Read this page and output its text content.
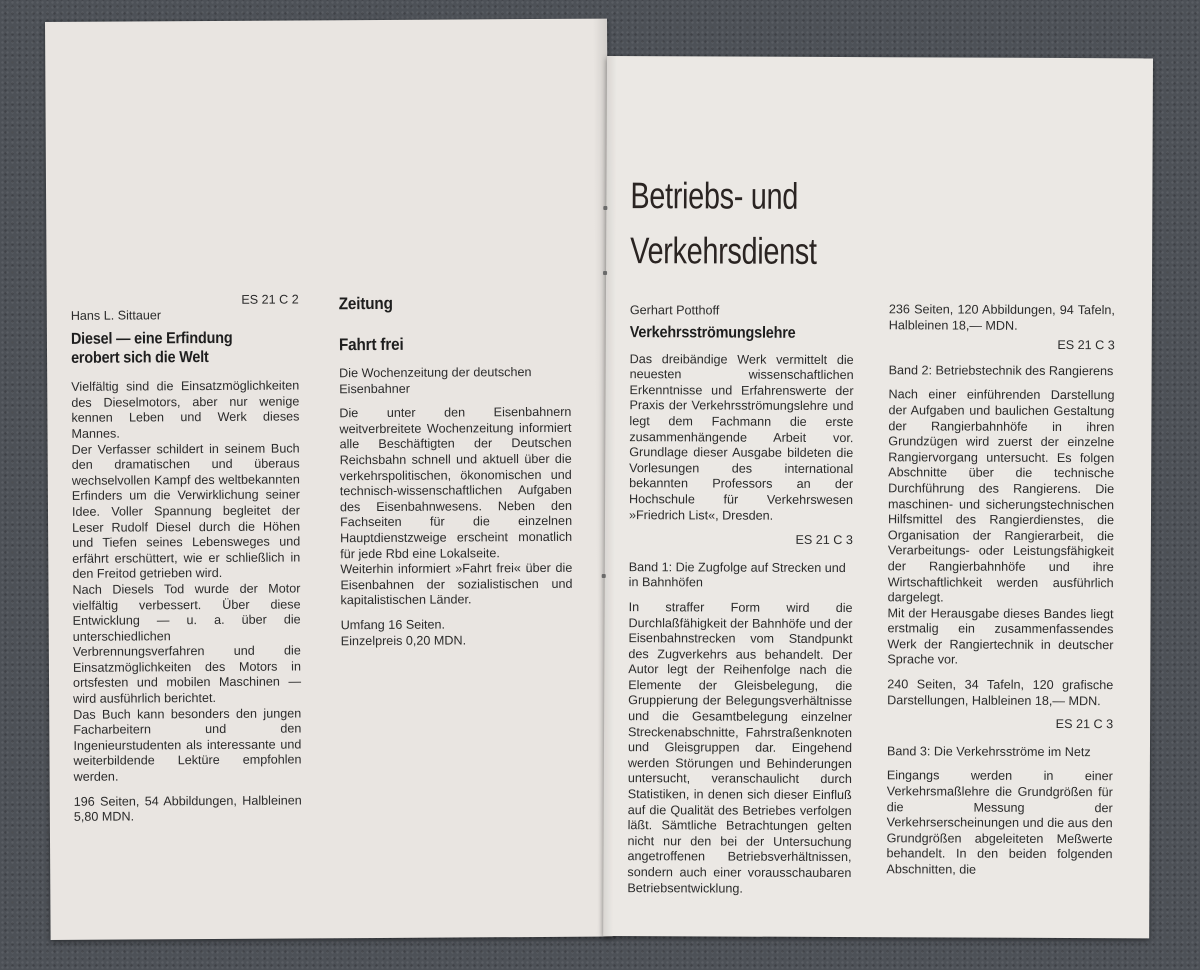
ES 21 C 2
Hans L. Sittauer
Diesel — eine Erfindung
erobert sich die Welt

Vielfältig sind die Einsatzmöglichkeiten des Dieselmotors, aber nur wenige kennen Leben und Werk dieses Mannes.

Der Verfasser schildert in seinem Buch den dramatischen und überaus wechselvollen Kampf des weltbekannten Erfinders um die Verwirklichung seiner Idee. Voller Spannung begleitet der Leser Rudolf Diesel durch die Höhen und Tiefen seines Lebensweges und erfährt erschüttert, wie er schließlich in den Freitod getrieben wird.

Nach Diesels Tod wurde der Motor vielfältig verbessert. Über diese Entwicklung — u. a. über die unterschiedlichen Verbrennungsverfahren und die Einsatzmöglichkeiten des Motors in ortsfesten und mobilen Maschinen — wird ausführlich berichtet.

Das Buch kann besonders den jungen Facharbeitern und den Ingenieurstudenten als interessante und weiterbildende Lektüre empfohlen werden.

196 Seiten, 54 Abbildungen, Halbleinen 5,80 MDN.

Zeitung
Fahrt frei

Die Wochenzeitung der deutschen Eisenbahner

Die unter den Eisenbahnern weitverbreitete Wochenzeitung informiert alle Beschäftigten der Deutschen Reichsbahn schnell und aktuell über die verkehrspolitischen, ökonomischen und technisch-wissenschaftlichen Aufgaben des Eisenbahnwesens. Neben den Fachseiten für die einzelnen Hauptdienstzweige erscheint monatlich für jede Rbd eine Lokalseite.

Weiterhin informiert »Fahrt frei« über die Eisenbahnen der sozialistischen und kapitalistischen Länder.

Umfang 16 Seiten.
Einzelpreis 0,20 MDN.
Betriebs- und
Verkehrsdienst
Gerhart Potthoff
Verkehrsströmungslehre

Das dreibändige Werk vermittelt die neuesten wissenschaftlichen Erkenntnisse und Erfahrenswerte der Praxis der Verkehrsströmungslehre und legt dem Fachmann die erste zusammenhängende Arbeit vor. Grundlage dieser Ausgabe bildeten die Vorlesungen des international bekannten Professors an der Hochschule für Verkehrswesen »Friedrich List«, Dresden.

ES 21 C 3

Band 1: Die Zugfolge auf Strecken und in Bahnhöfen

In straffer Form wird die Durchlaßfähigkeit der Bahnhöfe und der Eisenbahnstrecken vom Standpunkt des Zugverkehrs aus behandelt. Der Autor legt der Reihenfolge nach die Elemente der Gleisbelegung, die Gruppierung der Belegungsverhältnisse und die Gesamtbelegung einzelner Streckenabschnitte, Fahrstraßenknoten und Gleisgruppen dar. Eingehend werden Störungen und Behinderungen untersucht, veranschaulicht durch Statistiken, in denen sich dieser Einfluß auf die Qualität des Betriebes verfolgen läßt. Sämtliche Betrachtungen gelten nicht nur den bei der Untersuchung angetroffenen Betriebsverhältnissen, sondern auch einer vorausschaubaren Betriebsentwicklung.

236 Seiten, 120 Abbildungen, 94 Tafeln, Halbleinen 18,— MDN.

ES 21 C 3

Band 2: Betriebstechnik des Rangierens

Nach einer einführenden Darstellung der Aufgaben und baulichen Gestaltung der Rangierbahnhöfe in ihren Grundzügen wird zuerst der einzelne Rangiervorgang untersucht. Es folgen Abschnitte über die technische Durchführung des Rangierens. Die maschinen- und sicherungstechnischen Hilfsmittel des Rangierdienstes, die Organisation der Rangierarbeit, die Verarbeitungs- oder Leistungsfähigkeit der Rangierbahnhöfe und ihre Wirtschaftlichkeit werden ausführlich dargelegt.

Mit der Herausgabe dieses Bandes liegt erstmalig ein zusammenfassendes Werk der Rangiertechnik in deutscher Sprache vor.

240 Seiten, 34 Tafeln, 120 grafische Darstellungen, Halbleinen 18,— MDN.

ES 21 C 3

Band 3: Die Verkehrsströme im Netz

Eingangs werden in einer Verkehrsmaßlehre die Grundgrößen für die Messung der Verkehrserscheinungen und die aus den Grundgrößen abgeleiteten Meßwerte behandelt. In den beiden folgenden Abschnitten, die
